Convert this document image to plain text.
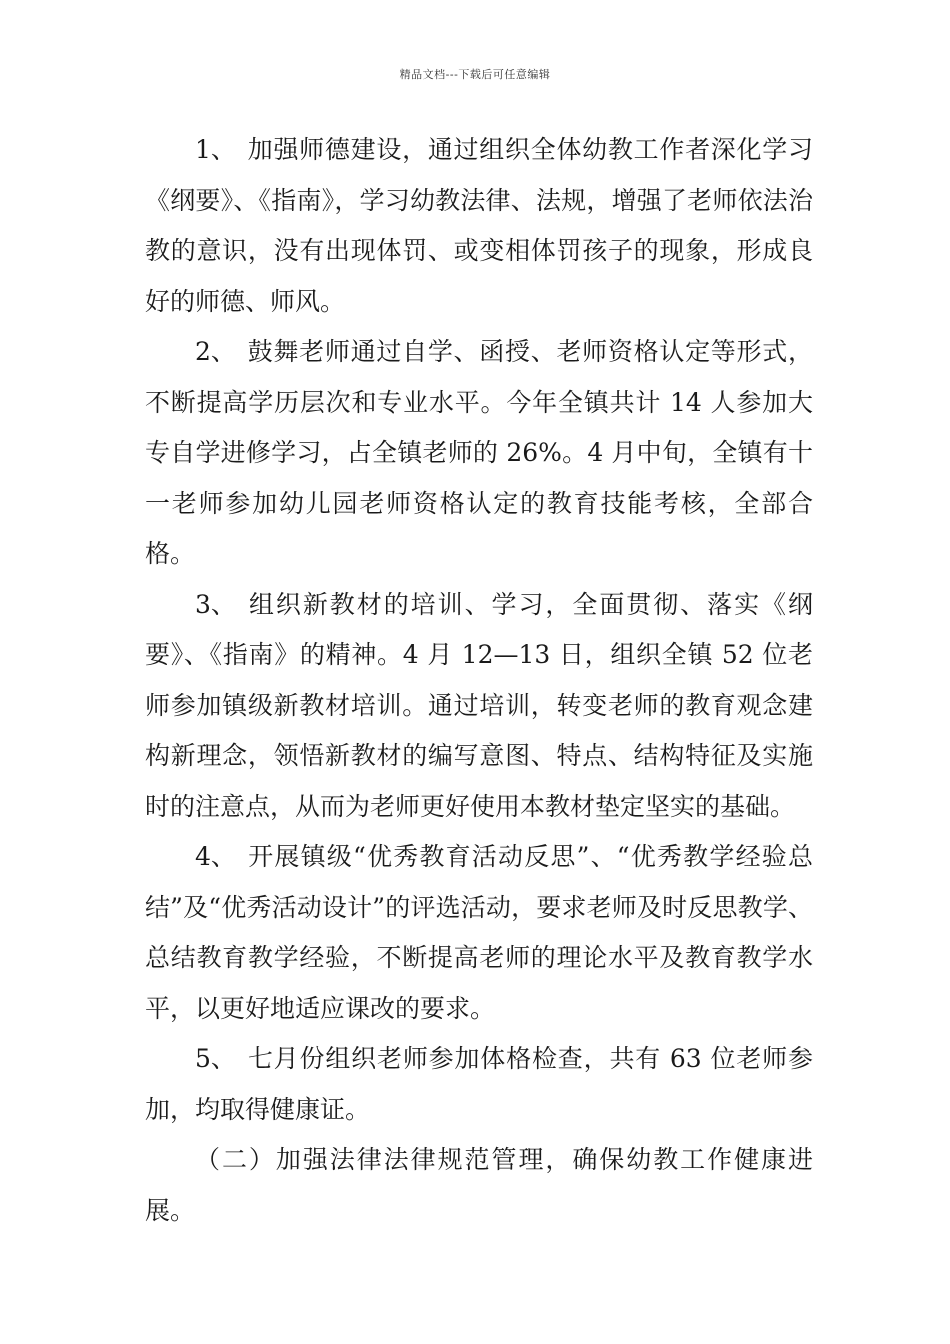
精品文档---下载后可任意编辑

1、 加强师德建设，通过组织全体幼教工作者深化学习《纲要》、《指南》，学习幼教法律、法规，增强了老师依法治教的意识，没有出现体罚、或变相体罚孩子的现象，形成良好的师德、师风。

2、 鼓舞老师通过自学、函授、老师资格认定等形式，不断提高学历层次和专业水平。今年全镇共计 14 人参加大专自学进修学习，占全镇老师的 26%。4 月中旬，全镇有十一老师参加幼儿园老师资格认定的教育技能考核，全部合格。

3、 组织新教材的培训、学习，全面贯彻、落实《纲要》、《指南》的精神。4 月 12—13 日，组织全镇 52 位老师参加镇级新教材培训。通过培训，转变老师的教育观念建构新理念，领悟新教材的编写意图、特点、结构特征及实施时的注意点，从而为老师更好使用本教材垫定坚实的基础。

4、 开展镇级“优秀教育活动反思”、“优秀教学经验总结”及“优秀活动设计”的评选活动，要求老师及时反思教学、总结教育教学经验，不断提高老师的理论水平及教育教学水平，以更好地适应课改的要求。

5、 七月份组织老师参加体格检查，共有 63 位老师参加，均取得健康证。

（二）加强法律法律规范管理，确保幼教工作健康进展。
